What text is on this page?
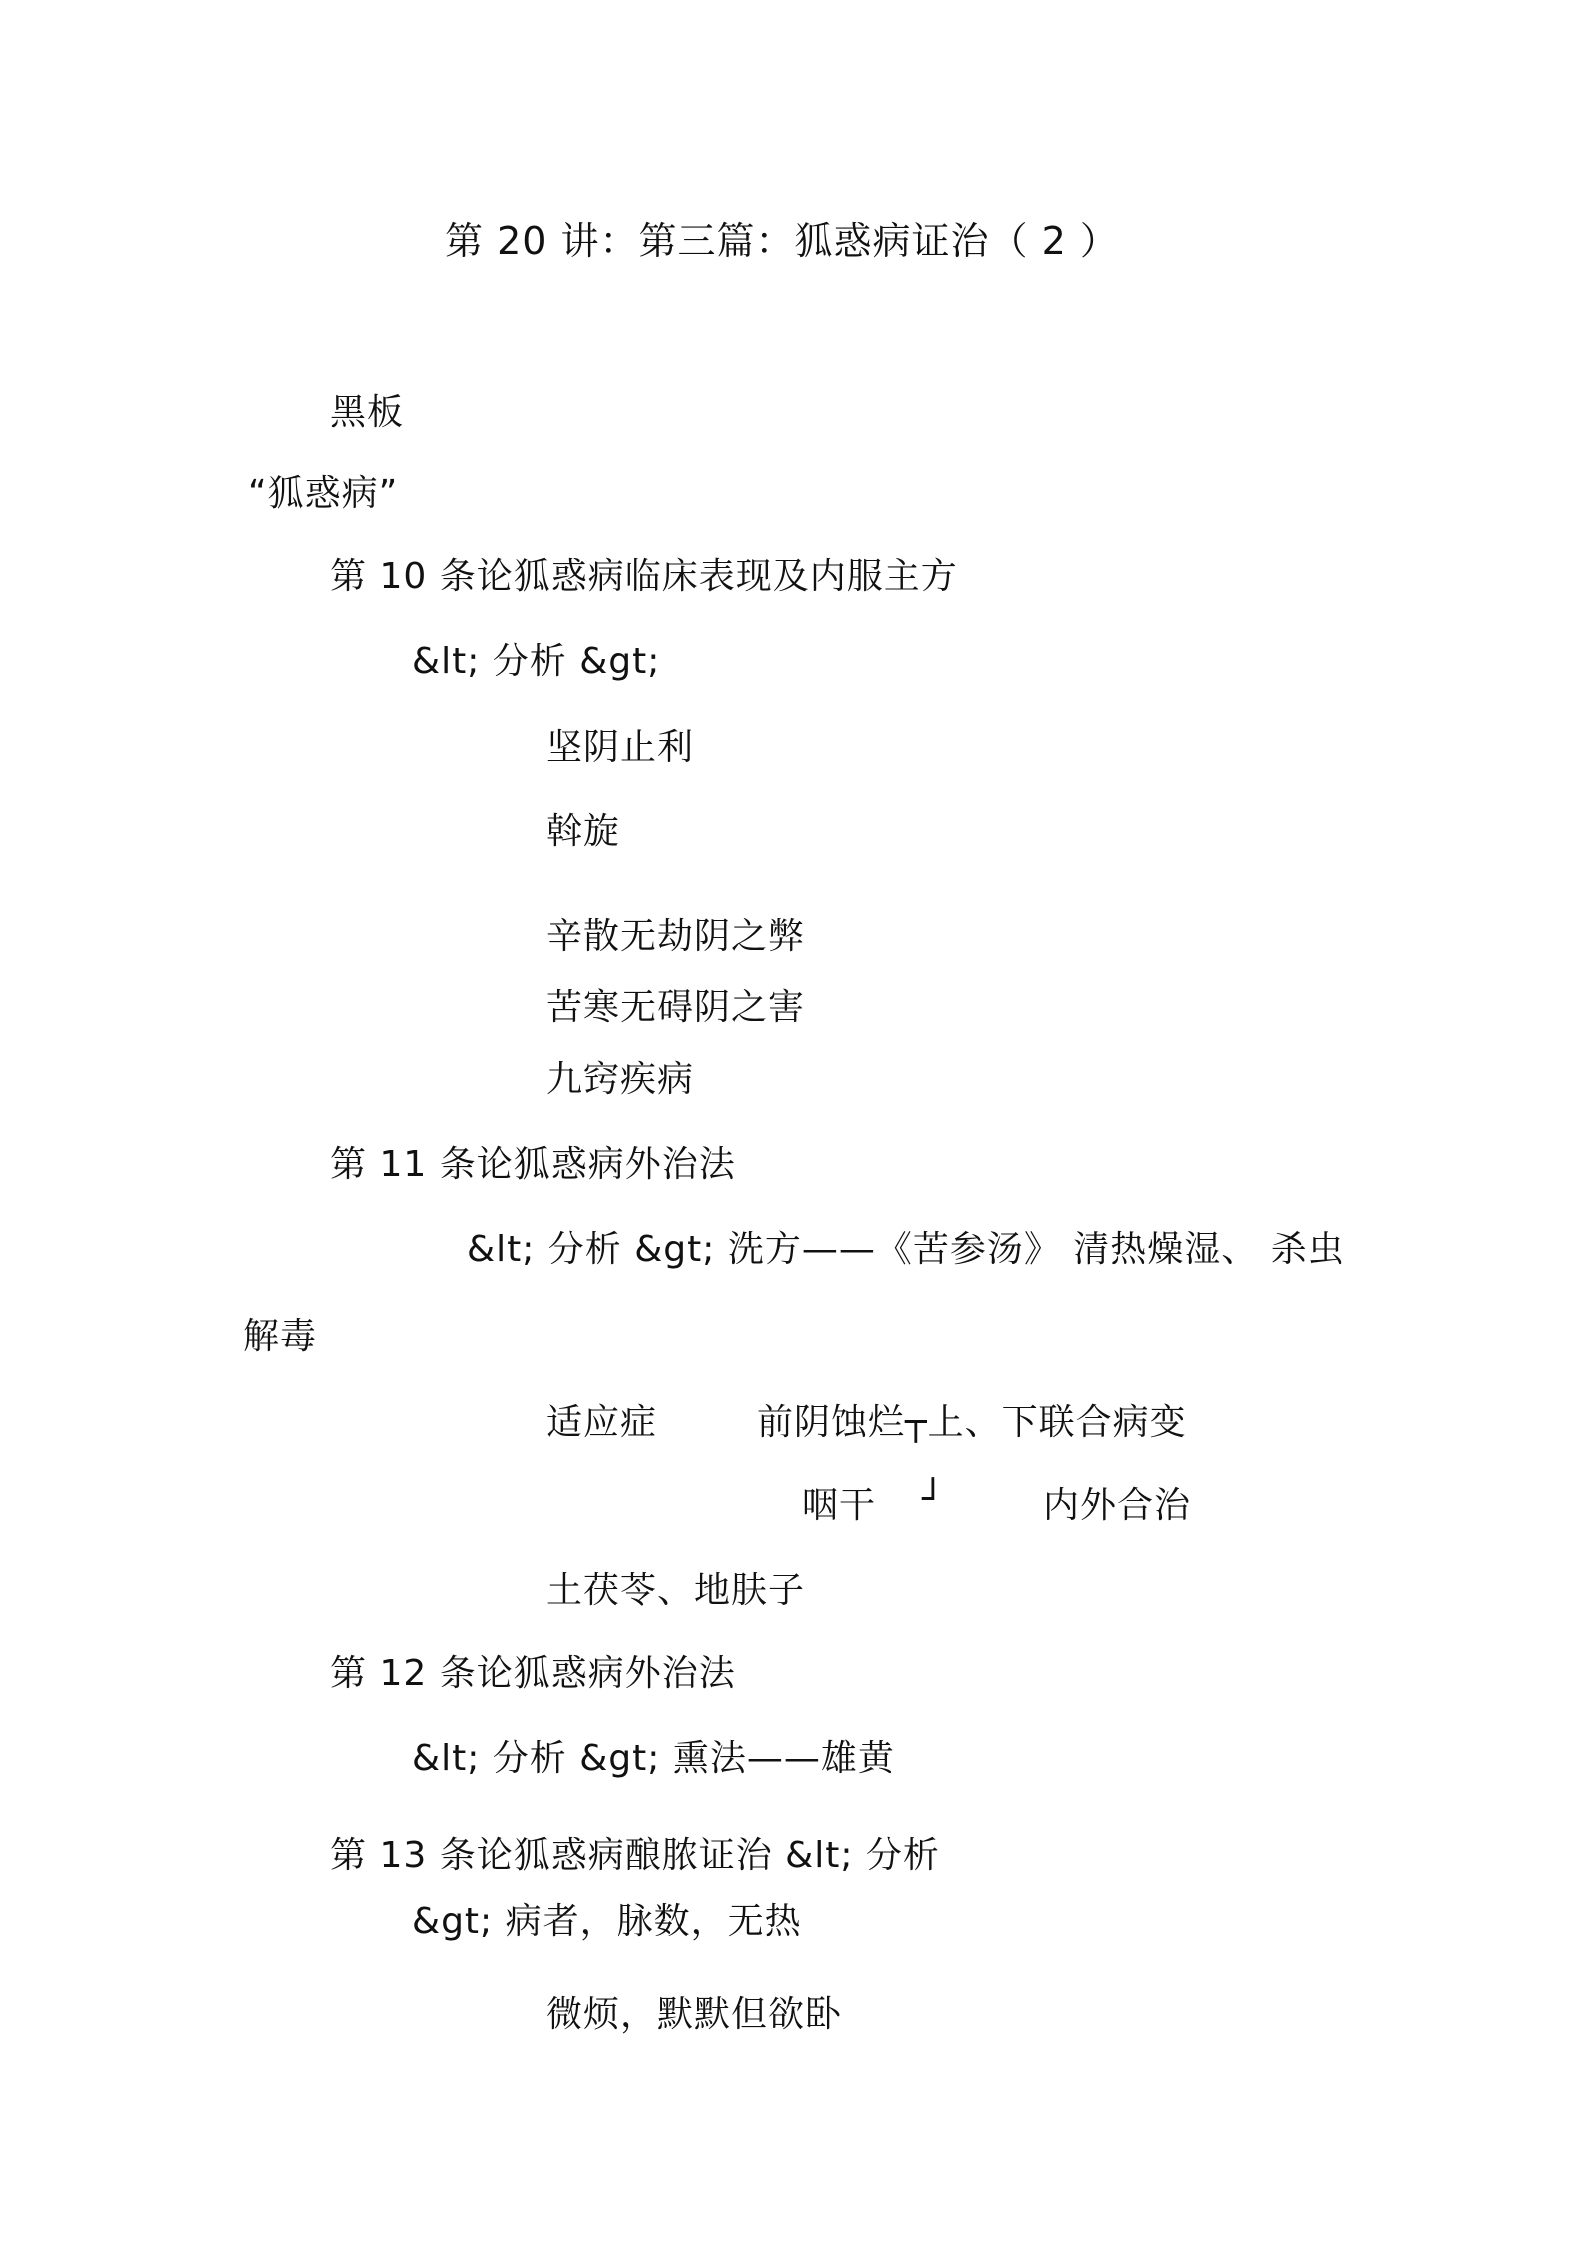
第 20 讲：第三篇：狐惑病证治（ 2 ）
黑板
“狐惑病”
第 10 条论狐惑病临床表现及内服主方
&lt; 分析 &gt;
坚阴止利
斡旋
辛散无劫阴之弊
苦寒无碍阴之害
九窍疾病
第 11 条论狐惑病外治法
&lt; 分析 &gt; 洗方——《苦参汤》 清热燥湿、 杀虫
解毒
适应症	前阴蚀烂┬上、下联合病变
咽干 ┘	内外合治
土茯苓、地肤子
第 12 条论狐惑病外治法
&lt; 分析 &gt; 熏法——雄黄
第 13 条论狐惑病酿脓证治 &lt; 分析
&gt; 病者，脉数，无热
微烦，默默但欲卧
